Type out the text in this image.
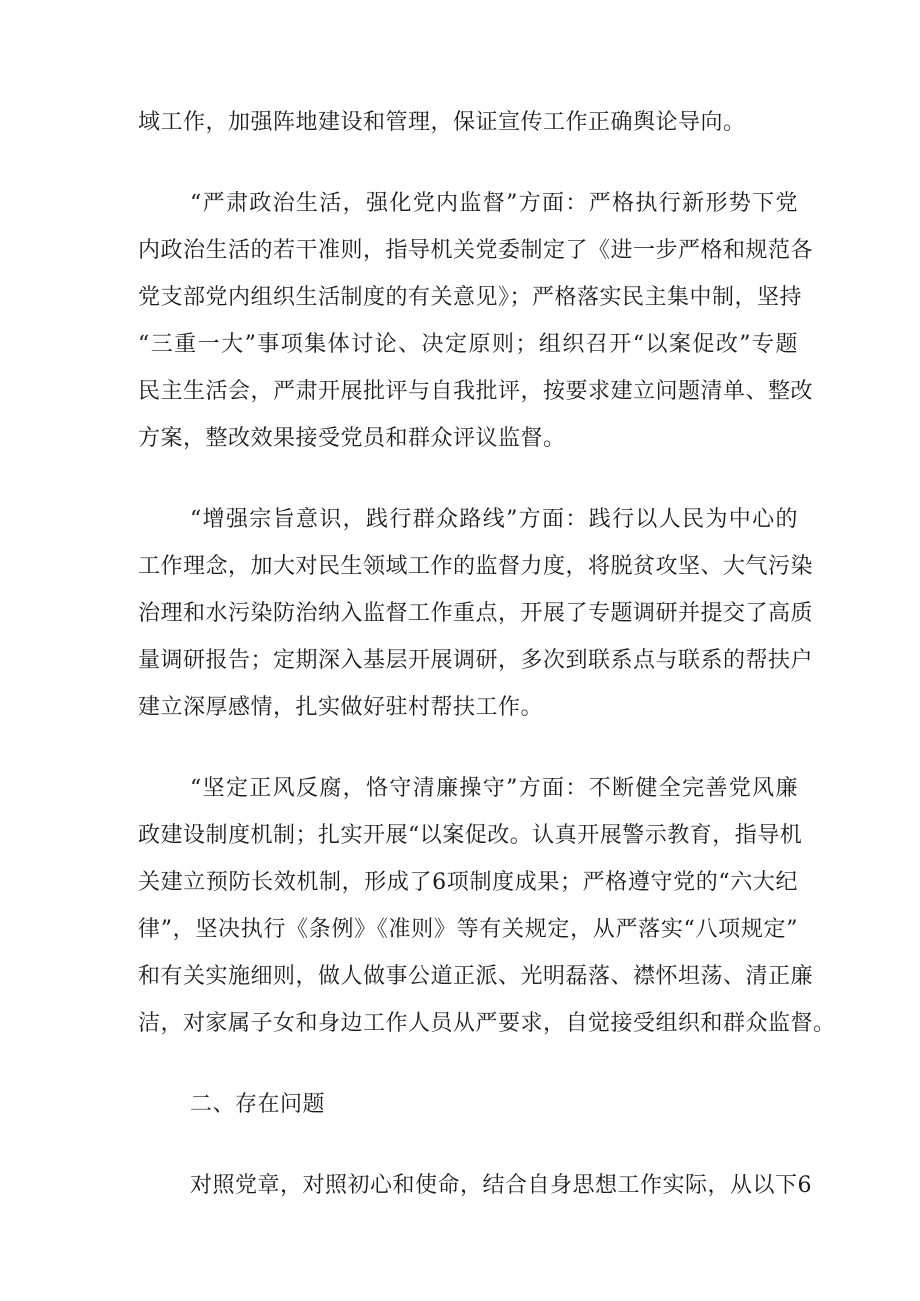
域工作，加强阵地建设和管理，保证宣传工作正确舆论导向。
“严肃政治生活，强化党内监督”方面：严格执行新形势下党
内政治生活的若干准则，指导机关党委制定了《进一步严格和规范各
党支部党内组织生活制度的有关意见》；严格落实民主集中制，坚持
“三重一大”事项集体讨论、决定原则；组织召开“以案促改”专题
民主生活会，严肃开展批评与自我批评，按要求建立问题清单、整改
方案，整改效果接受党员和群众评议监督。
“增强宗旨意识，践行群众路线”方面：践行以人民为中心的
工作理念，加大对民生领域工作的监督力度，将脱贫攻坚、大气污染
治理和水污染防治纳入监督工作重点，开展了专题调研并提交了高质
量调研报告；定期深入基层开展调研，多次到联系点与联系的帮扶户
建立深厚感情，扎实做好驻村帮扶工作。
“坚定正风反腐，恪守清廉操守”方面：不断健全完善党风廉
政建设制度机制；扎实开展“以案促改。认真开展警示教育，指导机
关建立预防长效机制，形成了6项制度成果；严格遵守党的“六大纪
律”，坚决执行《条例》《准则》等有关规定，从严落实“八项规定”
和有关实施细则，做人做事公道正派、光明磊落、襟怀坦荡、清正廉
洁，对家属子女和身边工作人员从严要求，自觉接受组织和群众监督。
二、存在问题
对照党章，对照初心和使命，结合自身思想工作实际，从以下6
